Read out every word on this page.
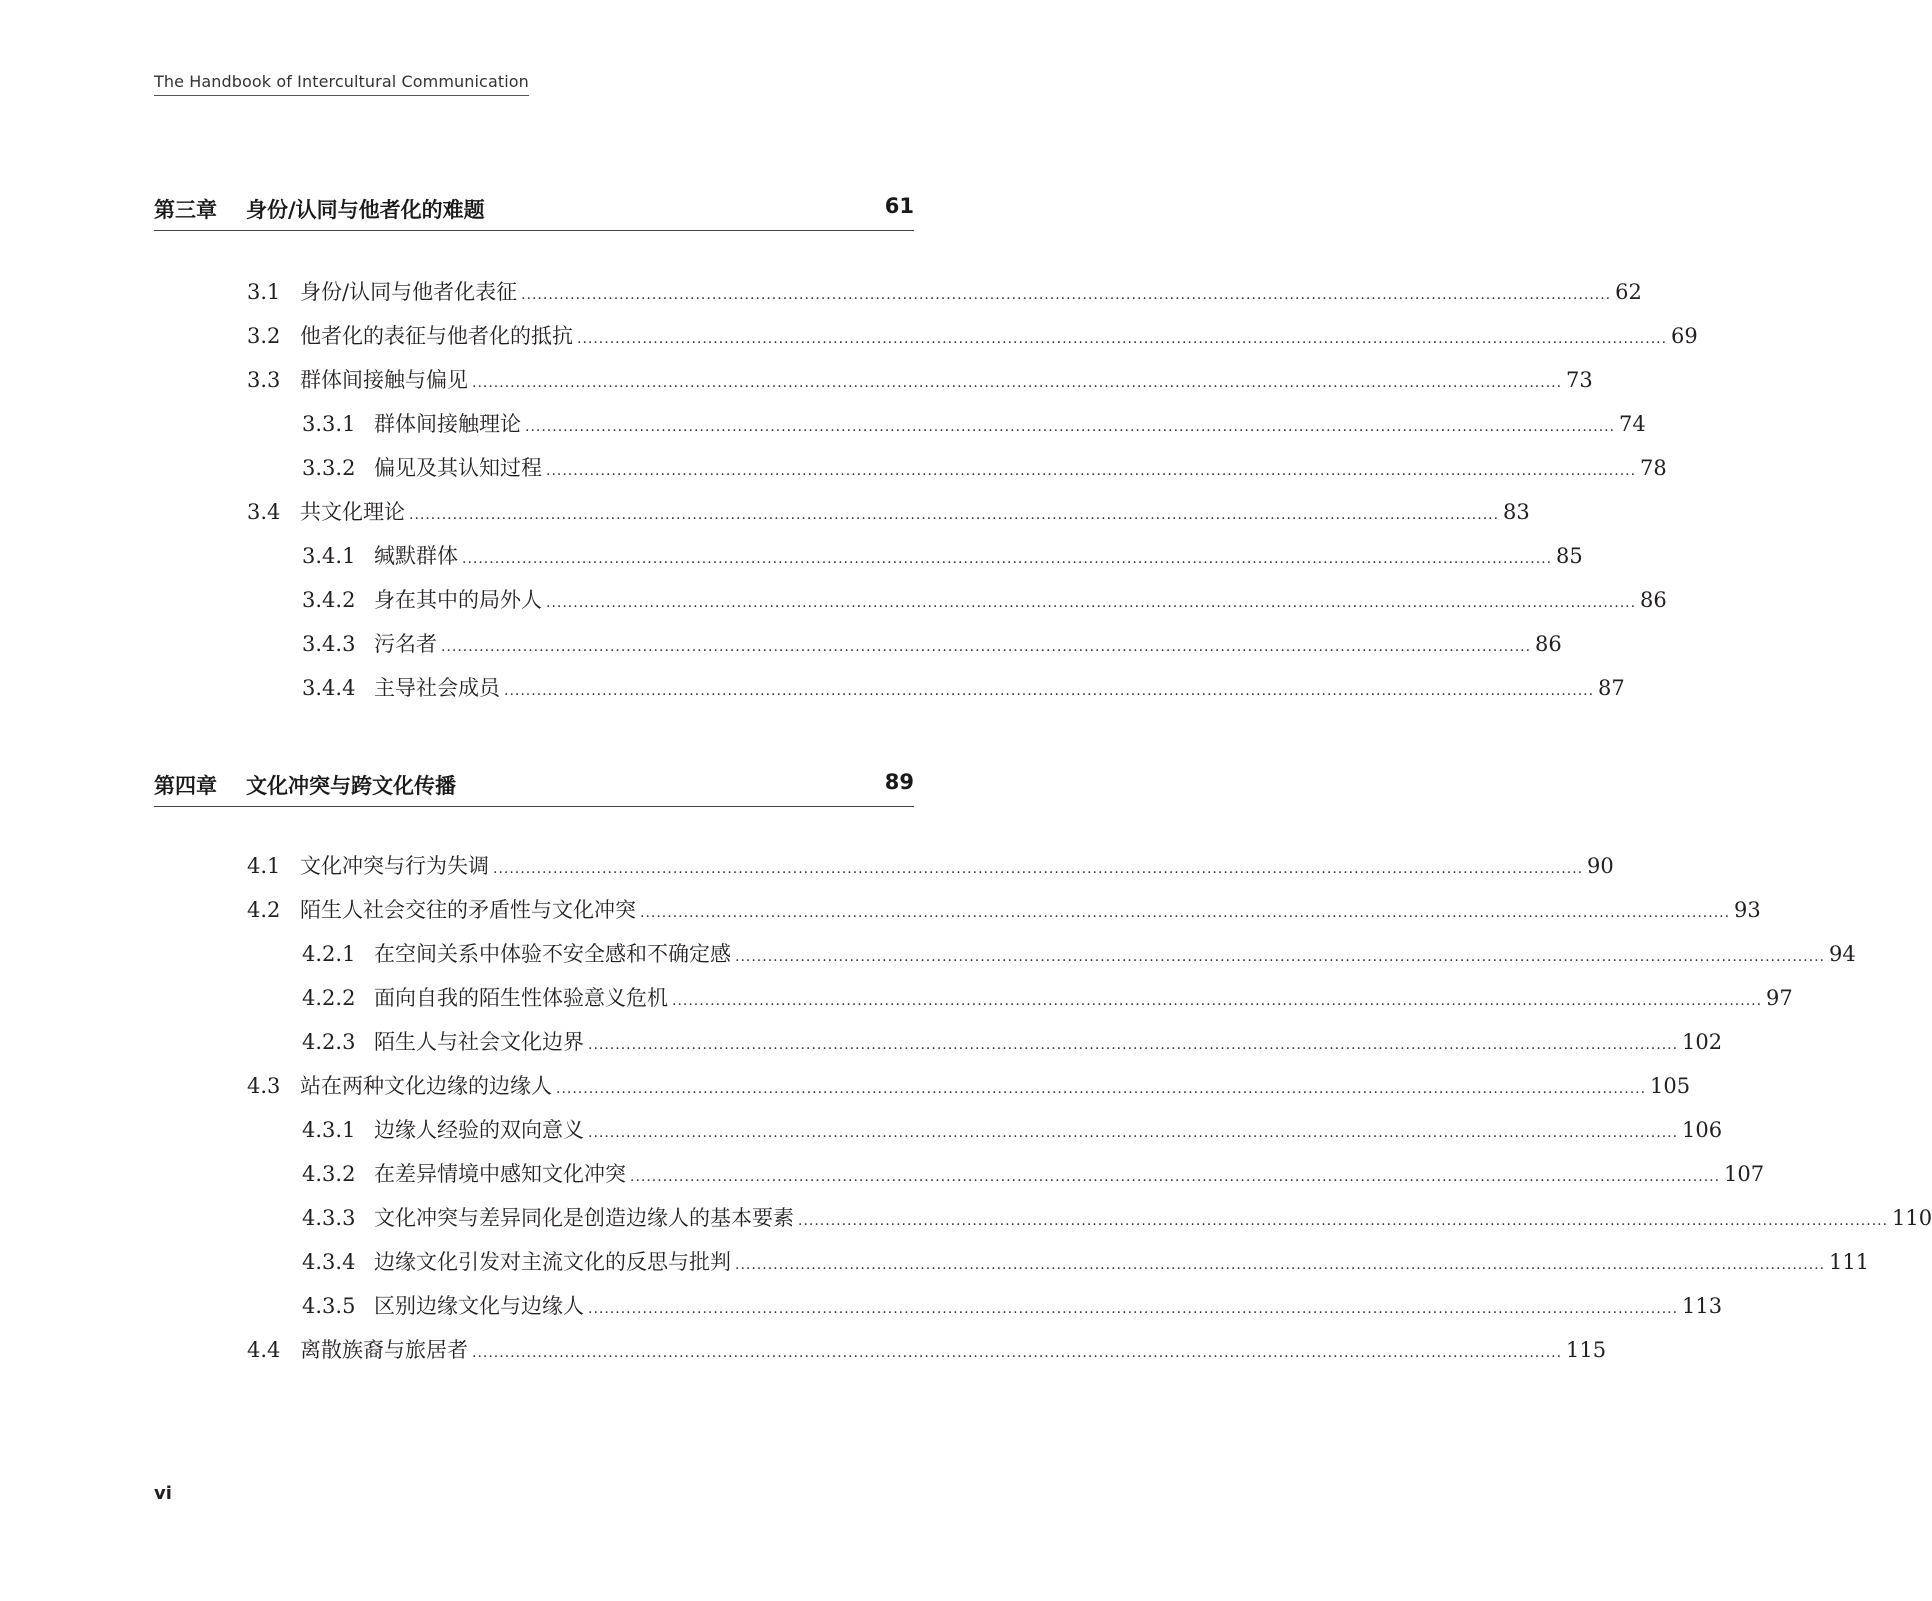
The Handbook of Intercultural Communication
第三章 身份/认同与他者化的难题	61
3.1 身份/认同与他者化表征 ........................................................................................................................................................................................................ 62
3.2 他者化的表征与他者化的抵抗 ........................................................................................................................................................................................................ 69
3.3 群体间接触与偏见 ........................................................................................................................................................................................................ 73
3.3.1 群体间接触理论 ........................................................................................................................................................................................................ 74
3.3.2 偏见及其认知过程 ........................................................................................................................................................................................................ 78
3.4 共文化理论 ........................................................................................................................................................................................................ 83
3.4.1 缄默群体 ........................................................................................................................................................................................................ 85
3.4.2 身在其中的局外人 ........................................................................................................................................................................................................ 86
3.4.3 污名者 ........................................................................................................................................................................................................ 86
3.4.4 主导社会成员 ........................................................................................................................................................................................................ 87
第四章 文化冲突与跨文化传播	89
4.1 文化冲突与行为失调 ........................................................................................................................................................................................................ 90
4.2 陌生人社会交往的矛盾性与文化冲突 ........................................................................................................................................................................................................ 93
4.2.1 在空间关系中体验不安全感和不确定感 ........................................................................................................................................................................................................ 94
4.2.2 面向自我的陌生性体验意义危机 ........................................................................................................................................................................................................ 97
4.2.3 陌生人与社会文化边界 ........................................................................................................................................................................................................ 102
4.3 站在两种文化边缘的边缘人 ........................................................................................................................................................................................................ 105
4.3.1 边缘人经验的双向意义 ........................................................................................................................................................................................................ 106
4.3.2 在差异情境中感知文化冲突 ........................................................................................................................................................................................................ 107
4.3.3 文化冲突与差异同化是创造边缘人的基本要素 ........................................................................................................................................................................................................ 110
4.3.4 边缘文化引发对主流文化的反思与批判 ........................................................................................................................................................................................................ 111
4.3.5 区别边缘文化与边缘人 ........................................................................................................................................................................................................ 113
4.4 离散族裔与旅居者 ........................................................................................................................................................................................................ 115
vi
